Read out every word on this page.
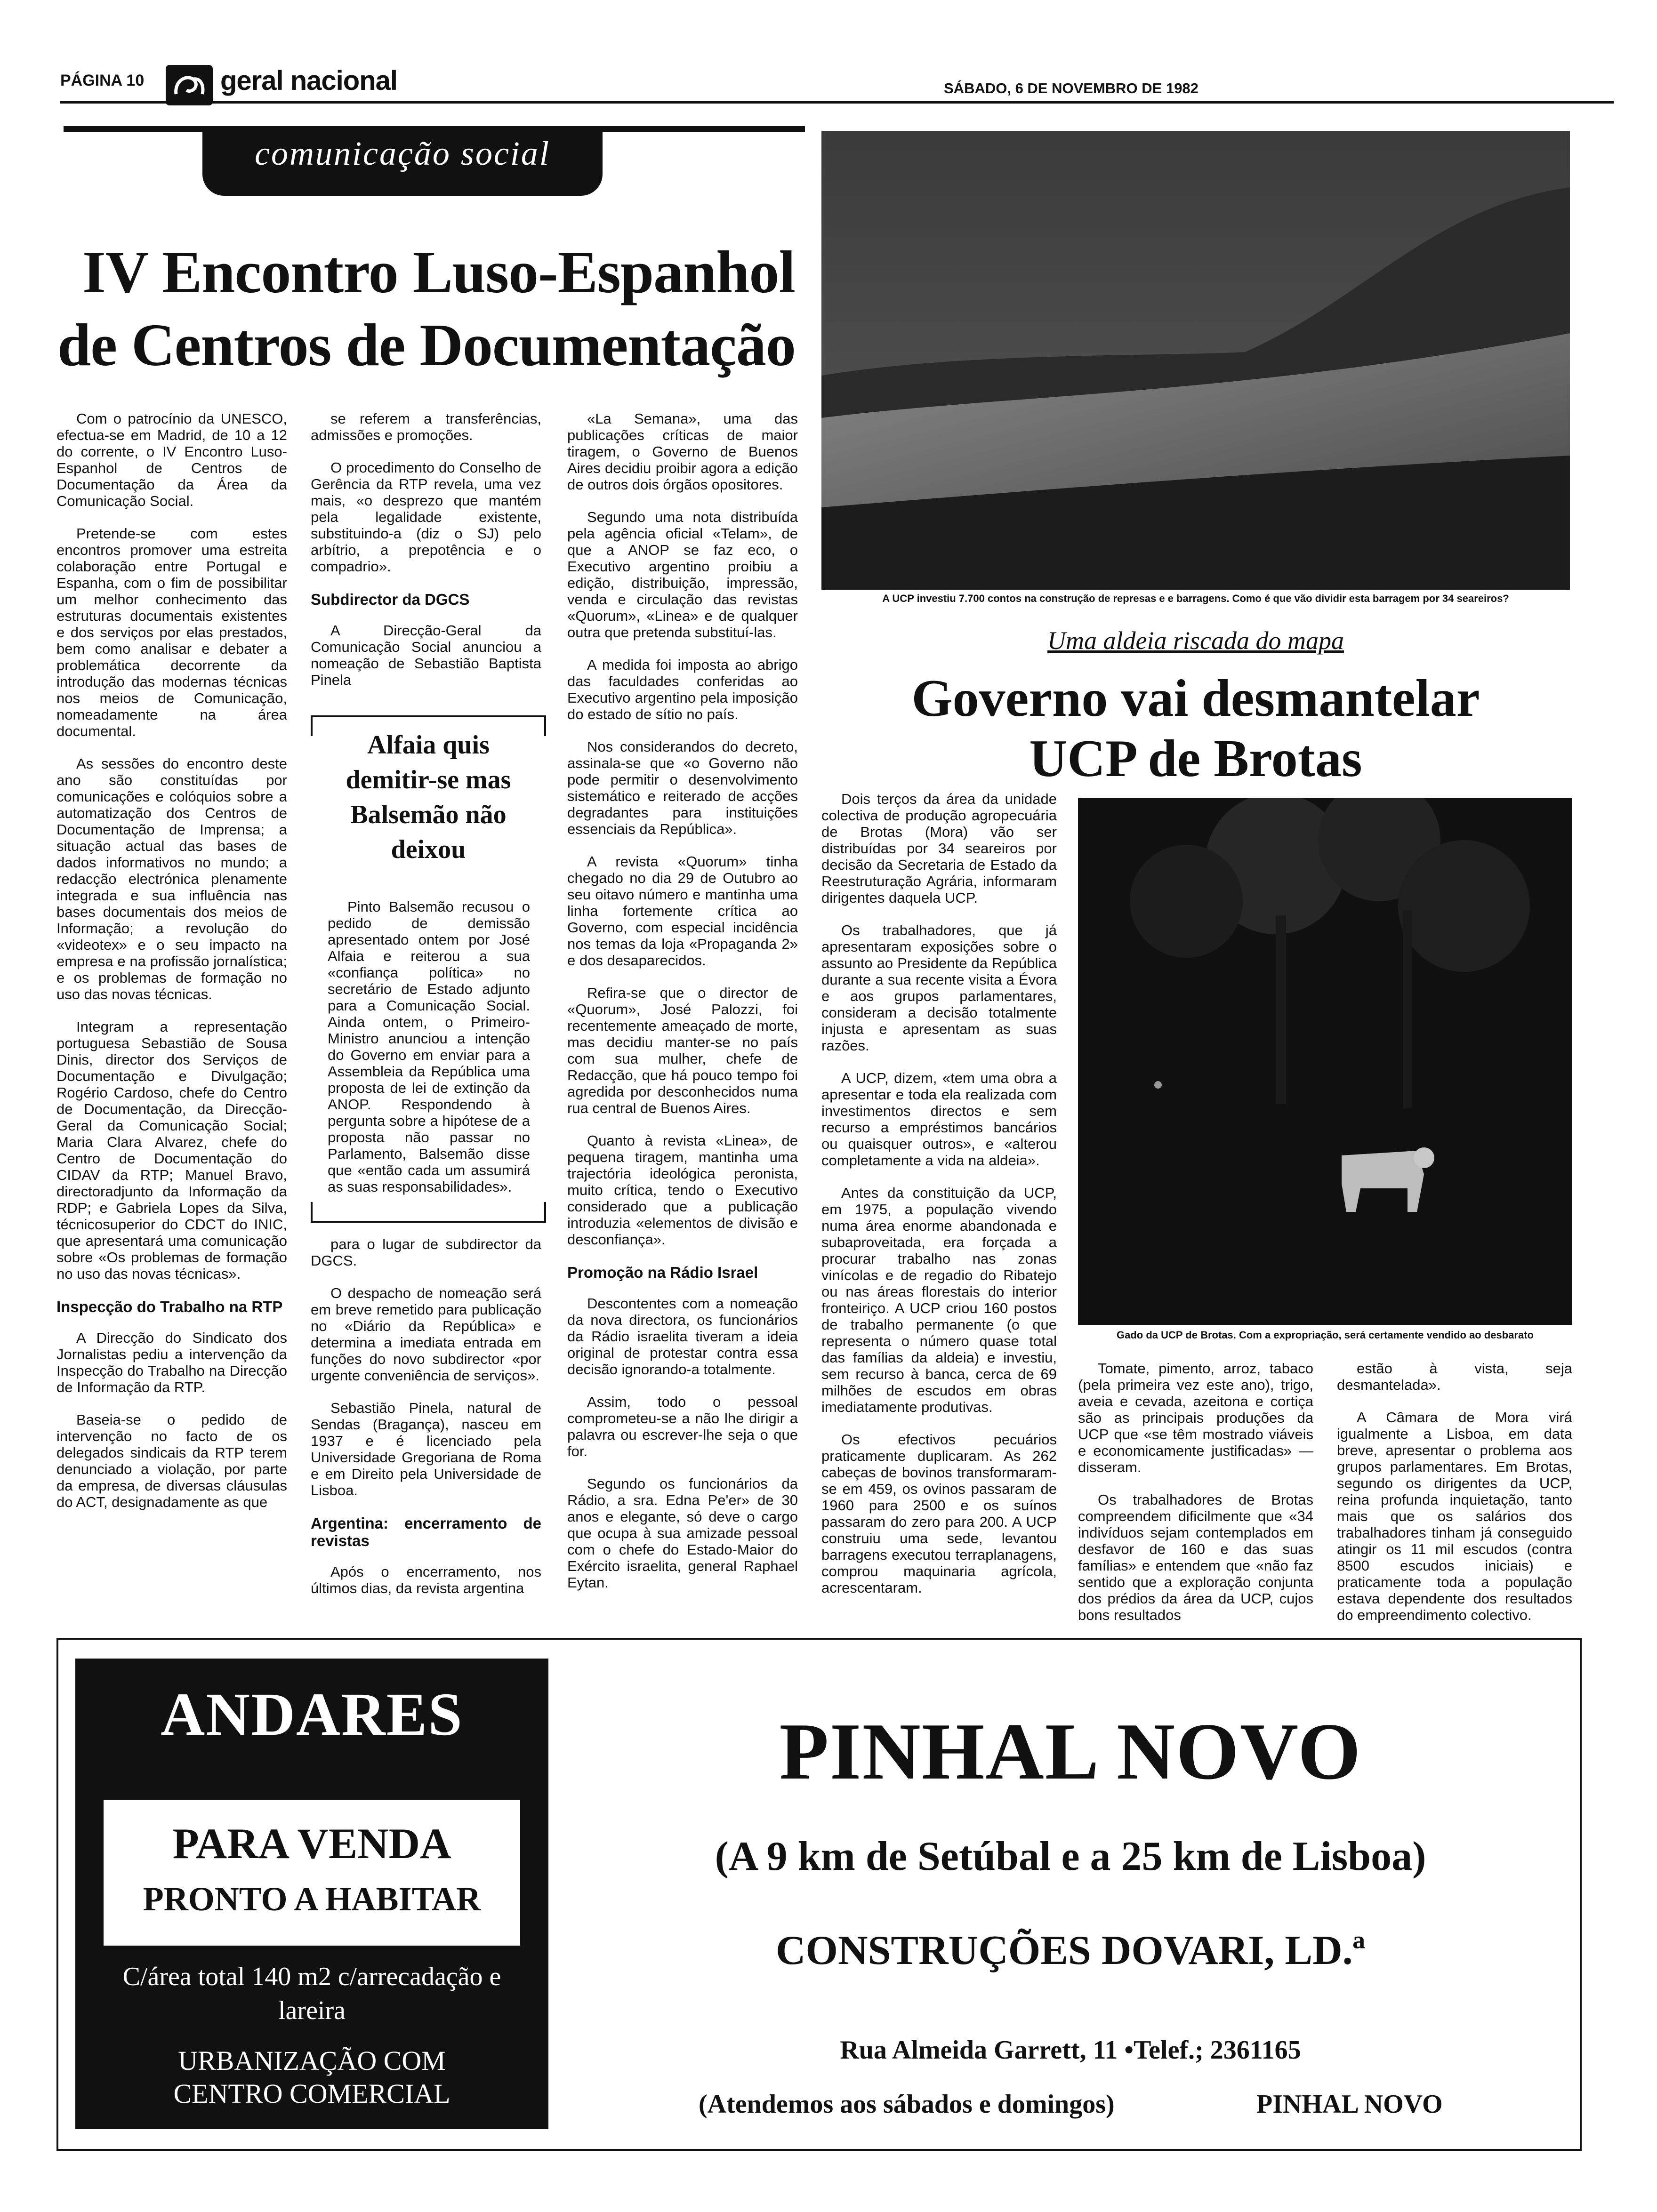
PÁGINA 10	geral nacional	SÁBADO, 6 DE NOVEMBRO DE 1982
comunicação social
IV Encontro Luso-Espanhol
de Centros de Documentação

Com o patrocínio da UNESCO, efectua-se em Madrid, de 10 a 12 do corrente, o IV Encontro Luso-Espanhol de Centros de Documentação da Área da Comunicação Social.

Pretende-se com estes encontros promover uma estreita colaboração entre Portugal e Espanha, com o fim de possibilitar um melhor conhecimento das estruturas documentais existentes e dos serviços por elas prestados, bem como analisar e debater a problemática decorrente da introdução das modernas técnicas nos meios de Comunicação, nomeadamente na área documental.

As sessões do encontro deste ano são constituídas por comunicações e colóquios sobre a automatização dos Centros de Documentação de Imprensa; a situação actual das bases de dados informativos no mundo; a redacção electrónica plenamente integrada e sua influência nas bases documentais dos meios de Informação; a revolução do «videotex» e o seu impacto na empresa e na profissão jornalística; e os problemas de formação no uso das novas técnicas.

Integram a representação portuguesa Sebastião de Sousa Dinis, director dos Serviços de Documentação e Divulgação; Rogério Cardoso, chefe do Centro de Documentação, da Direcção-Geral da Comunicação Social; Maria Clara Alvarez, chefe do Centro de Documentação do CIDAV da RTP; Manuel Bravo, directoradjunto da Informação da RDP; e Gabriela Lopes da Silva, técnicosuperior do CDCT do INIC, que apresentará uma comunicação sobre «Os problemas de formação no uso das novas técnicas».

Inspecção do Trabalho na RTP

A Direcção do Sindicato dos Jornalistas pediu a intervenção da Inspecção do Trabalho na Direcção de Informação da RTP.

Baseia-se o pedido de intervenção no facto de os delegados sindicais da RTP terem denunciado a violação, por parte da empresa, de diversas cláusulas do ACT, designadamente as que

se referem a transferências, admissões e promoções.

O procedimento do Conselho de Gerência da RTP revela, uma vez mais, «o desprezo que mantém pela legalidade existente, substituindo-a (diz o SJ) pelo arbítrio, a prepotência e o compadrio».

Subdirector da DGCS

A Direcção-Geral da Comunicação Social anunciou a nomeação de Sebastião Baptista Pinela

Alfaia quis demitir-se mas Balsemão não deixou

Pinto Balsemão recusou o pedido de demissão apresentado ontem por José Alfaia e reiterou a sua «confiança política» no secretário de Estado adjunto para a Comunicação Social. Ainda ontem, o Primeiro-Ministro anunciou a intenção do Governo em enviar para a Assembleia da República uma proposta de lei de extinção da ANOP. Respondendo à pergunta sobre a hipótese de a proposta não passar no Parlamento, Balsemão disse que «então cada um assumirá as suas responsabilidades».

para o lugar de subdirector da DGCS.

O despacho de nomeação será em breve remetido para publicação no «Diário da República» e determina a imediata entrada em funções do novo subdirector «por urgente conveniência de serviços».

Sebastião Pinela, natural de Sendas (Bragança), nasceu em 1937 e é licenciado pela Universidade Gregoriana de Roma e em Direito pela Universidade de Lisboa.

Argentina: encerramento de revistas

Após o encerramento, nos últimos dias, da revista argentina

«La Semana», uma das publicações críticas de maior tiragem, o Governo de Buenos Aires decidiu proibir agora a edição de outros dois órgãos opositores.

Segundo uma nota distribuída pela agência oficial «Telam», de que a ANOP se faz eco, o Executivo argentino proibiu a edição, distribuição, impressão, venda e circulação das revistas «Quorum», «Linea» e de qualquer outra que pretenda substituí-las.

A medida foi imposta ao abrigo das faculdades conferidas ao Executivo argentino pela imposição do estado de sítio no país.

Nos considerandos do decreto, assinala-se que «o Governo não pode permitir o desenvolvimento sistemático e reiterado de acções degradantes para instituições essenciais da República».

A revista «Quorum» tinha chegado no dia 29 de Outubro ao seu oitavo número e mantinha uma linha fortemente crítica ao Governo, com especial incidência nos temas da loja «Propaganda 2» e dos desaparecidos.

Refira-se que o director de «Quorum», José Palozzi, foi recentemente ameaçado de morte, mas decidiu manter-se no país com sua mulher, chefe de Redacção, que há pouco tempo foi agredida por desconhecidos numa rua central de Buenos Aires.

Quanto à revista «Linea», de pequena tiragem, mantinha uma trajectória ideológica peronista, muito crítica, tendo o Executivo considerado que a publicação introduzia «elementos de divisão e desconfiança».

Promoção na Rádio Israel

Descontentes com a nomeação da nova directora, os funcionários da Rádio israelita tiveram a ideia original de protestar contra essa decisão ignorando-a totalmente.

Assim, todo o pessoal comprometeu-se a não lhe dirigir a palavra ou escrever-lhe seja o que for.

Segundo os funcionários da Rádio, a sra. Edna Pe'er» de 30 anos e elegante, só deve o cargo que ocupa à sua amizade pessoal com o chefe do Estado-Maior do Exército israelita, general Raphael Eytan.

A UCP investiu 7.700 contos na construção de represas e e barragens. Como é que vão dividir esta barragem por 34 seareiros?
Uma aldeia riscada do mapa
Governo vai desmantelar
UCP de Brotas

Dois terços da área da unidade colectiva de produção agropecuária de Brotas (Mora) vão ser distribuídas por 34 seareiros por decisão da Secretaria de Estado da Reestruturação Agrária, informaram dirigentes daquela UCP.

Os trabalhadores, que já apresentaram exposições sobre o assunto ao Presidente da República durante a sua recente visita a Évora e aos grupos parlamentares, consideram a decisão totalmente injusta e apresentam as suas razões.

A UCP, dizem, «tem uma obra a apresentar e toda ela realizada com investimentos directos e sem recurso a empréstimos bancários ou quaisquer outros», e «alterou completamente a vida na aldeia».

Antes da constituição da UCP, em 1975, a população vivendo numa área enorme abandonada e subaproveitada, era forçada a procurar trabalho nas zonas vinícolas e de regadio do Ribatejo ou nas áreas florestais do interior fronteiriço. A UCP criou 160 postos de trabalho permanente (o que representa o número quase total das famílias da aldeia) e investiu, sem recurso à banca, cerca de 69 milhões de escudos em obras imediatamente produtivas.

Os efectivos pecuários praticamente duplicaram. As 262 cabeças de bovinos transformaram-se em 459, os ovinos passaram de 1960 para 2500 e os suínos passaram do zero para 200. A UCP construiu uma sede, levantou barragens executou terraplanagens, comprou maquinaria agrícola, acrescentaram.

Gado da UCP de Brotas. Com a expropriação, será certamente vendido ao desbarato

Tomate, pimento, arroz, tabaco (pela primeira vez este ano), trigo, aveia e cevada, azeitona e cortiça são as principais produções da UCP que «se têm mostrado viáveis e economicamente justificadas» — disseram.

Os trabalhadores de Brotas compreendem dificilmente que «34 indivíduos sejam contemplados em desfavor de 160 e das suas famílias» e entendem que «não faz sentido que a exploração conjunta dos prédios da área da UCP, cujos bons resultados

estão à vista, seja desmantelada».

A Câmara de Mora virá igualmente a Lisboa, em data breve, apresentar o problema aos grupos parlamentares. Em Brotas, segundo os dirigentes da UCP, reina profunda inquietação, tanto mais que os salários dos trabalhadores tinham já conseguido atingir os 11 mil escudos (contra 8500 escudos iniciais) e praticamente toda a população estava dependente dos resultados do empreendimento colectivo.

ANDARES
PARA VENDA
PRONTO A HABITAR
C/área total 140 m2 c/arrecadação e lareira
URBANIZAÇÃO COM CENTRO COMERCIAL
PINHAL NOVO
(A 9 km de Setúbal e a 25 km de Lisboa)
CONSTRUÇÕES DOVARI, LD.ª
Rua Almeida Garrett, 11 •Telef.; 2361165
(Atendemos aos sábados e domingos)	PINHAL NOVO
